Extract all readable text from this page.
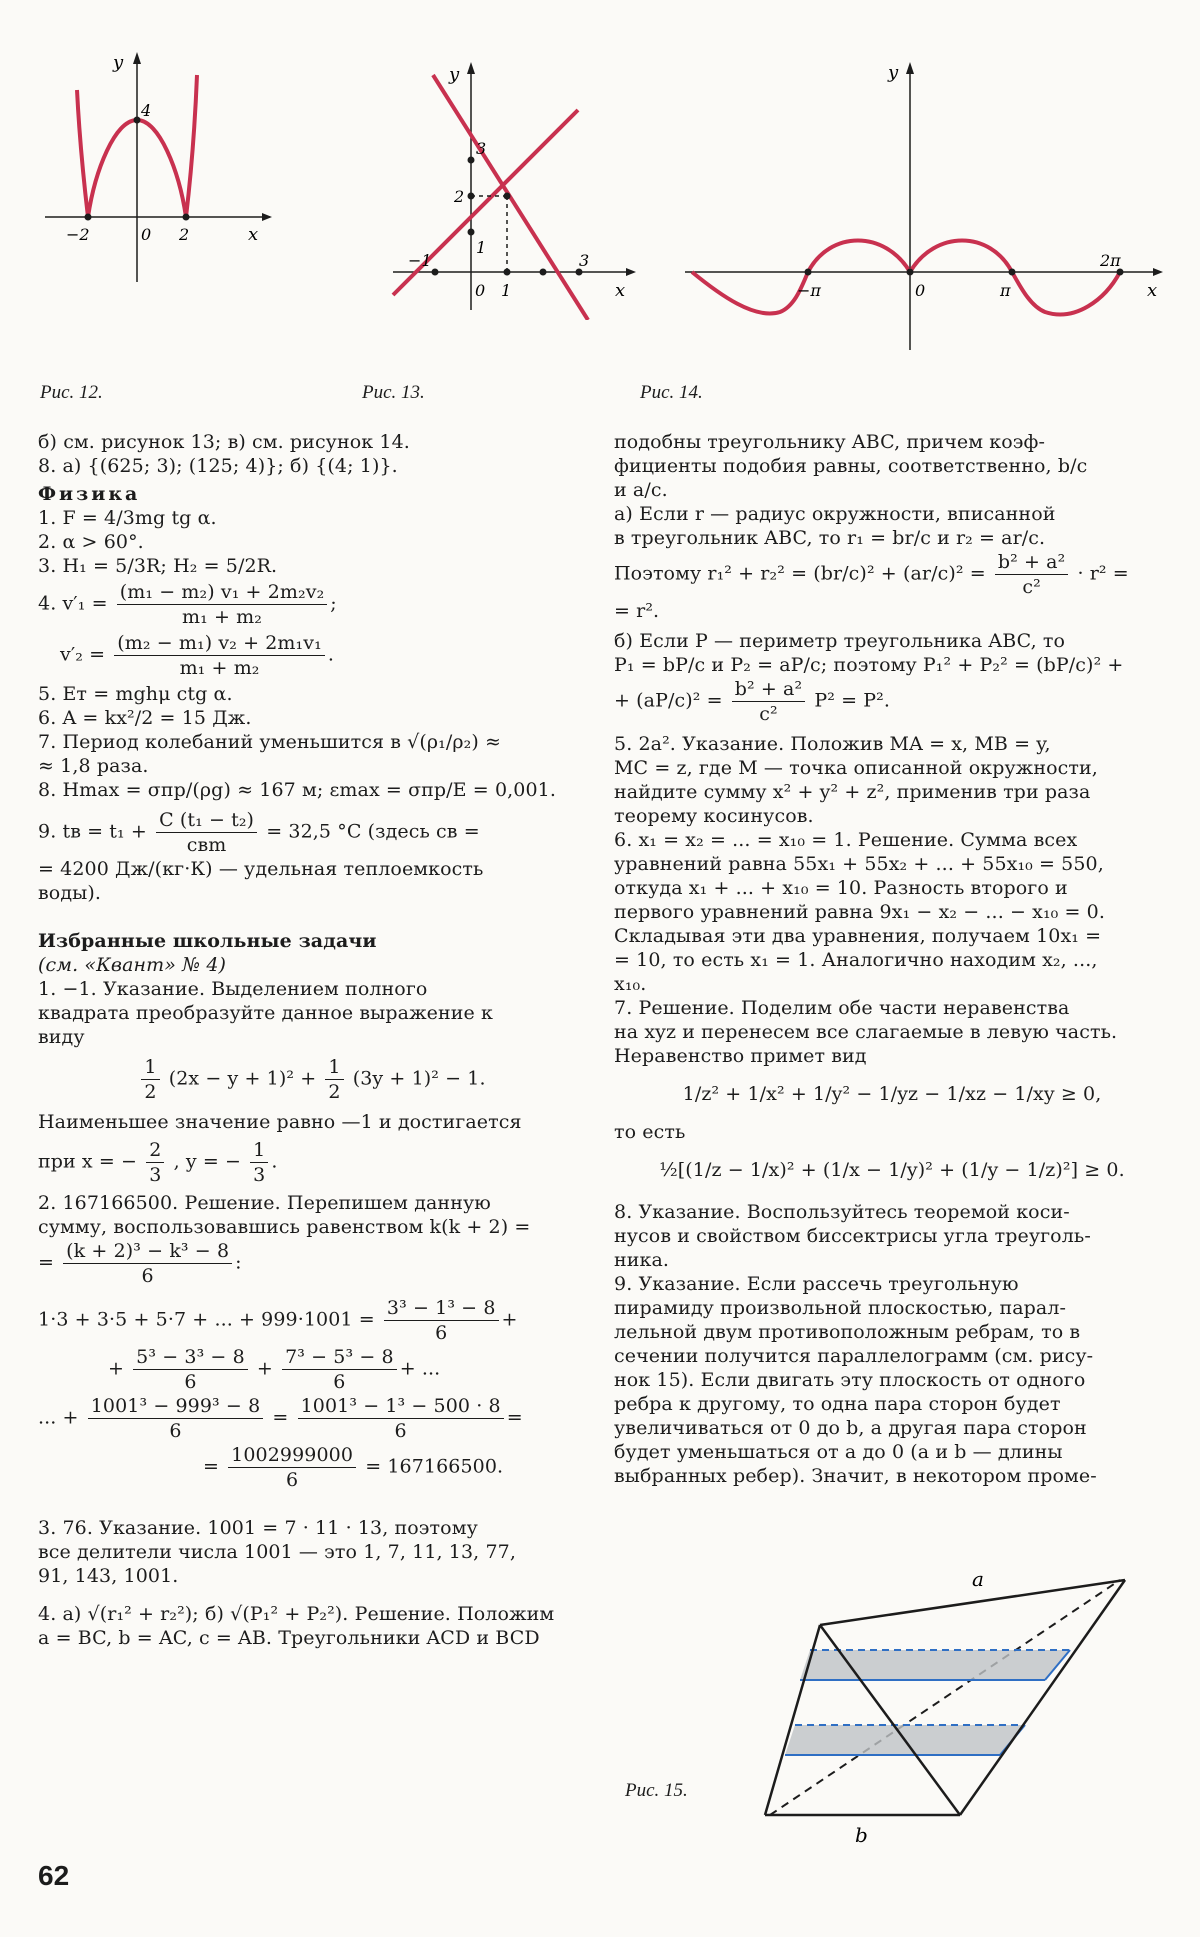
y
x
4
−2	0 2
Рис. 12.
y
x
3
2
1
−1
0 1
3
Рис. 13.
y
x
−π	0	π
2π
Рис. 14.

б) см. рисунок 13; в) см. рисунок 14.

8. а) {(625; 3); (125; 4)}; б) {(4; 1)}.

Физика

1. F = 4/3mg tg α.

2. α > 60°.

3. H₁ = 5/3R; H₂ = 5/2R.

4. $v'_1 = \frac{\text{(m₁ − m₂) v₁ + 2m₂v₂}}{\text{m₁ + m₂}}$ ;
$v'_2 = \frac{\text{(m₂ − m₁) v₂ + 2m₁v₁}}{\text{m₁ + m₂}}$ .

5. Eт = mghμ ctg α.

6. A = kx²/2 = 15 Дж.

7. Период колебаний уменьшится в √(ρ₁/ρ₂) ≈

≈ 1,8 раза.

8. Hmax = σпр/(ρg) ≈ 167 м; εmax = σпр/E = 0,001.

9. tв = $t_1 + \frac{\text{C (t₁ − t₂)}}{\text{cвm}} = 32,5$ °C (здесь cв =

= 4200 Дж/(кг·К) — удельная теплоемкость

воды).

Избранные школьные задачи

(см. «Квант» № 4)

1. −1. Указание. Выделением полного

квадрата преобразуйте данное выражение к

виду

$\frac{1}{2} (2x - y + 1)^2 + \frac{1}{2} (3y + 1)^2 - 1$.

Наименьшее значение равно —1 и достигается

при x = − $\frac{2}{3}$ , y = − $\frac{1}{3}$ .

2. 167166500. Решение. Перепишем данную

сумму, воспользовавшись равенством k(k + 2) =

= $\frac{\text{(k + 2)³ − k³ − 8}}{6}$ :
1·3 + 3·5 + 5·7 + ... + $999\cdot 1001 = \frac{\text{3³ − 1³ − 8}}{6}$ +
+ $\frac{\text{5³ − 3³ − 8}}{6} + \frac{\text{7³ − 5³ − 8}}{6}$ + ...
... + $\frac{\text{1001³ − 999³ − 8}}{6} = \frac{\text{1001³ − 1³ − 500 · 8}}{6}$ =
= $\frac{1002999000}{6} = 167166500$.

3. 76. Указание. 1001 = 7 · 11 · 13, поэтому

все делители числа 1001 — это 1, 7, 11, 13, 77,

91, 143, 1001.

4. а) √(r₁² + r₂²); б) √(P₁² + P₂²). Решение. Положим

a = BC, b = AC, c = AB. Треугольники ACD и BCD

подобны треугольнику ABC, причем коэф-

фициенты подобия равны, соответственно, b/c

и a/c.

а) Если r — радиус окружности, вписанной

в треугольник ABC, то r₁ = br/c и r₂ = ar/c.

Поэтому $r_1^2 + r_2^2 = (br/c)^2 + (ar/c)^2 = \frac{\text{b² + a²}}{\text{c²}} \cdot r^2$ =

= r².

б) Если P — периметр треугольника ABC, то

P₁ = bP/c и P₂ = aP/c; поэтому P₁² + P₂² = (bP/c)² +

+ $(aP/c)^2 = \frac{\text{b² + a²}}{\text{c²}} P^2 = P^2$.

5. 2a². Указание. Положив MA = x, MB = y,

MC = z, где M — точка описанной окружности,

найдите сумму x² + y² + z², применив три раза

теорему косинусов.

6. x₁ = x₂ = ... = x₁₀ = 1. Решение. Сумма всех

уравнений равна 55x₁ + 55x₂ + ... + 55x₁₀ = 550,

откуда x₁ + ... + x₁₀ = 10. Разность второго и

первого уравнений равна 9x₁ − x₂ − ... − x₁₀ = 0.

Складывая эти два уравнения, получаем 10x₁ =

= 10, то есть x₁ = 1. Аналогично находим x₂, ...,

x₁₀.

7. Решение. Поделим обе части неравенства

на xyz и перенесем все слагаемые в левую часть.

Неравенство примет вид

1/z² + 1/x² + 1/y² − 1/yz − 1/xz − 1/xy ≥ 0,

то есть

½[(1/z − 1/x)² + (1/x − 1/y)² + (1/y − 1/z)²] ≥ 0.

8. Указание. Воспользуйтесь теоремой коси-

нусов и свойством биссектрисы угла треуголь-

ника.

9. Указание. Если рассечь треугольную

пирамиду произвольной плоскостью, парал-

лельной двум противоположным ребрам, то в

сечении получится параллелограмм (см. рису-

нок 15). Если двигать эту плоскость от одного

ребра к другому, то одна пара сторон будет

увеличиваться от 0 до b, а другая пара сторон

будет уменьшаться от a до 0 (a и b — длины

выбранных ребер). Значит, в некотором проме-

a
b
Рис. 15.
62
